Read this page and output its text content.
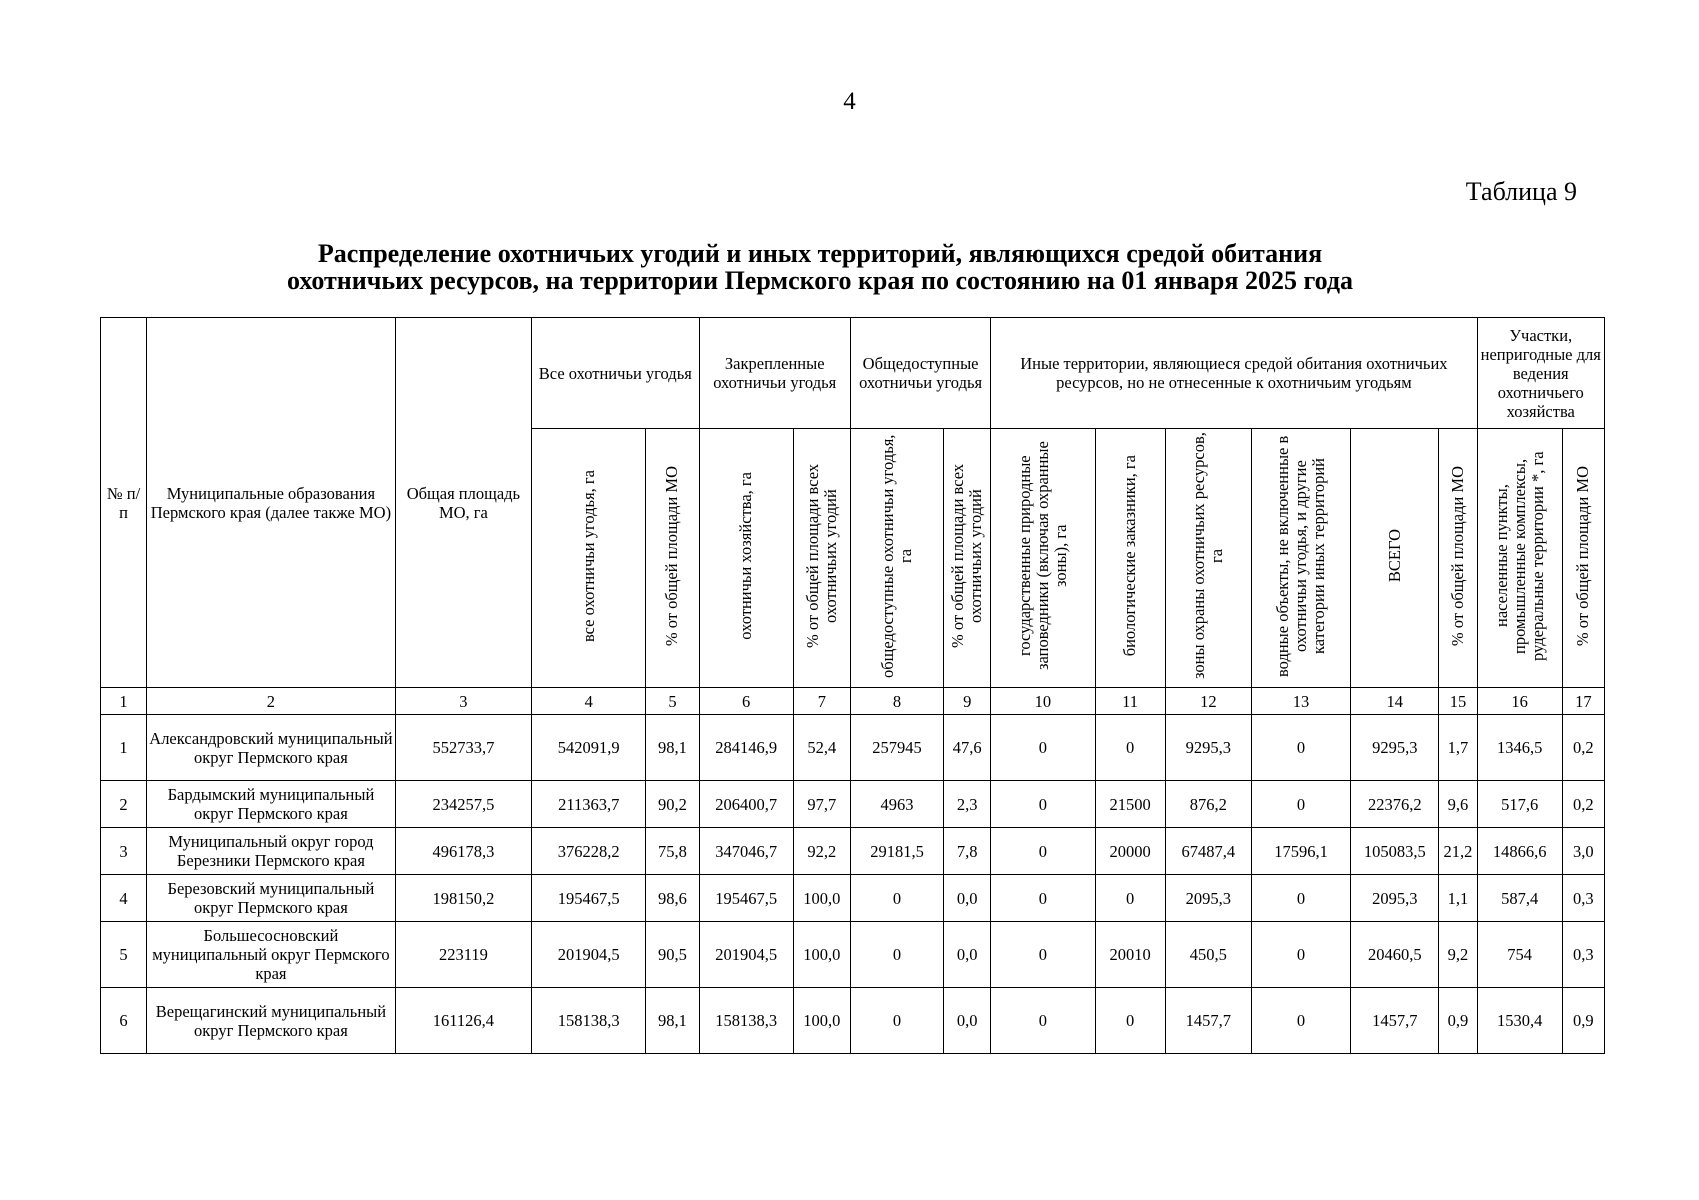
4
Таблица 9
Распределение охотничьих угодий и иных территорий, являющихся средой обитания
охотничьих ресурсов, на территории Пермского края по состоянию на 01 января 2025 года
№ п/п	Муниципальные образования Пермского края (далее также МО)	Общая площадь МО, га	Все охотничьи угодья		Закрепленные охотничьи угодья		Общедоступные охотничьи угодья		Иные территории, являющиеся средой обитания охотничьих ресурсов, но не отнесенные к охотничьим угодьям						Участки, непригодные для ведения охотничьего хозяйства	
			все охотничьи угодья, га	% от общей площади МО	охотничьи хозяйства, га	% от общей площади всех охотничьих угодий	общедоступные охотничьи угодья, га	% от общей площади всех охотничьих угодий	государственные природные заповедники (включая охранные зоны), га	биологические заказники, га	зоны охраны охотничьих ресурсов, га	водные объекты, не включенные в охотничьи угодья, и другие категории иных территорий	ВСЕГО	% от общей площади МО	населенные пункты, промышленные комплексы, рудеральные территории *, га	% от общей площади МО
1	2	3	4	5	6	7	8	9	10	11	12	13	14	15	16	17
1	Александровский муниципальный округ Пермского края	552733,7	542091,9	98,1	284146,9	52,4	257945	47,6	0	0	9295,3	0	9295,3	1,7	1346,5	0,2
2	Бардымский муниципальный округ Пермского края	234257,5	211363,7	90,2	206400,7	97,7	4963	2,3	0	21500	876,2	0	22376,2	9,6	517,6	0,2
3	Муниципальный округ город Березники Пермского края	496178,3	376228,2	75,8	347046,7	92,2	29181,5	7,8	0	20000	67487,4	17596,1	105083,5	21,2	14866,6	3,0
4	Березовский муниципальный округ Пермского края	198150,2	195467,5	98,6	195467,5	100,0	0	0,0	0	0	2095,3	0	2095,3	1,1	587,4	0,3
5	Большесосновский муниципальный округ Пермского края	223119	201904,5	90,5	201904,5	100,0	0	0,0	0	20010	450,5	0	20460,5	9,2	754	0,3
6	Верещагинский муниципальный округ Пермского края	161126,4	158138,3	98,1	158138,3	100,0	0	0,0	0	0	1457,7	0	1457,7	0,9	1530,4	0,9
